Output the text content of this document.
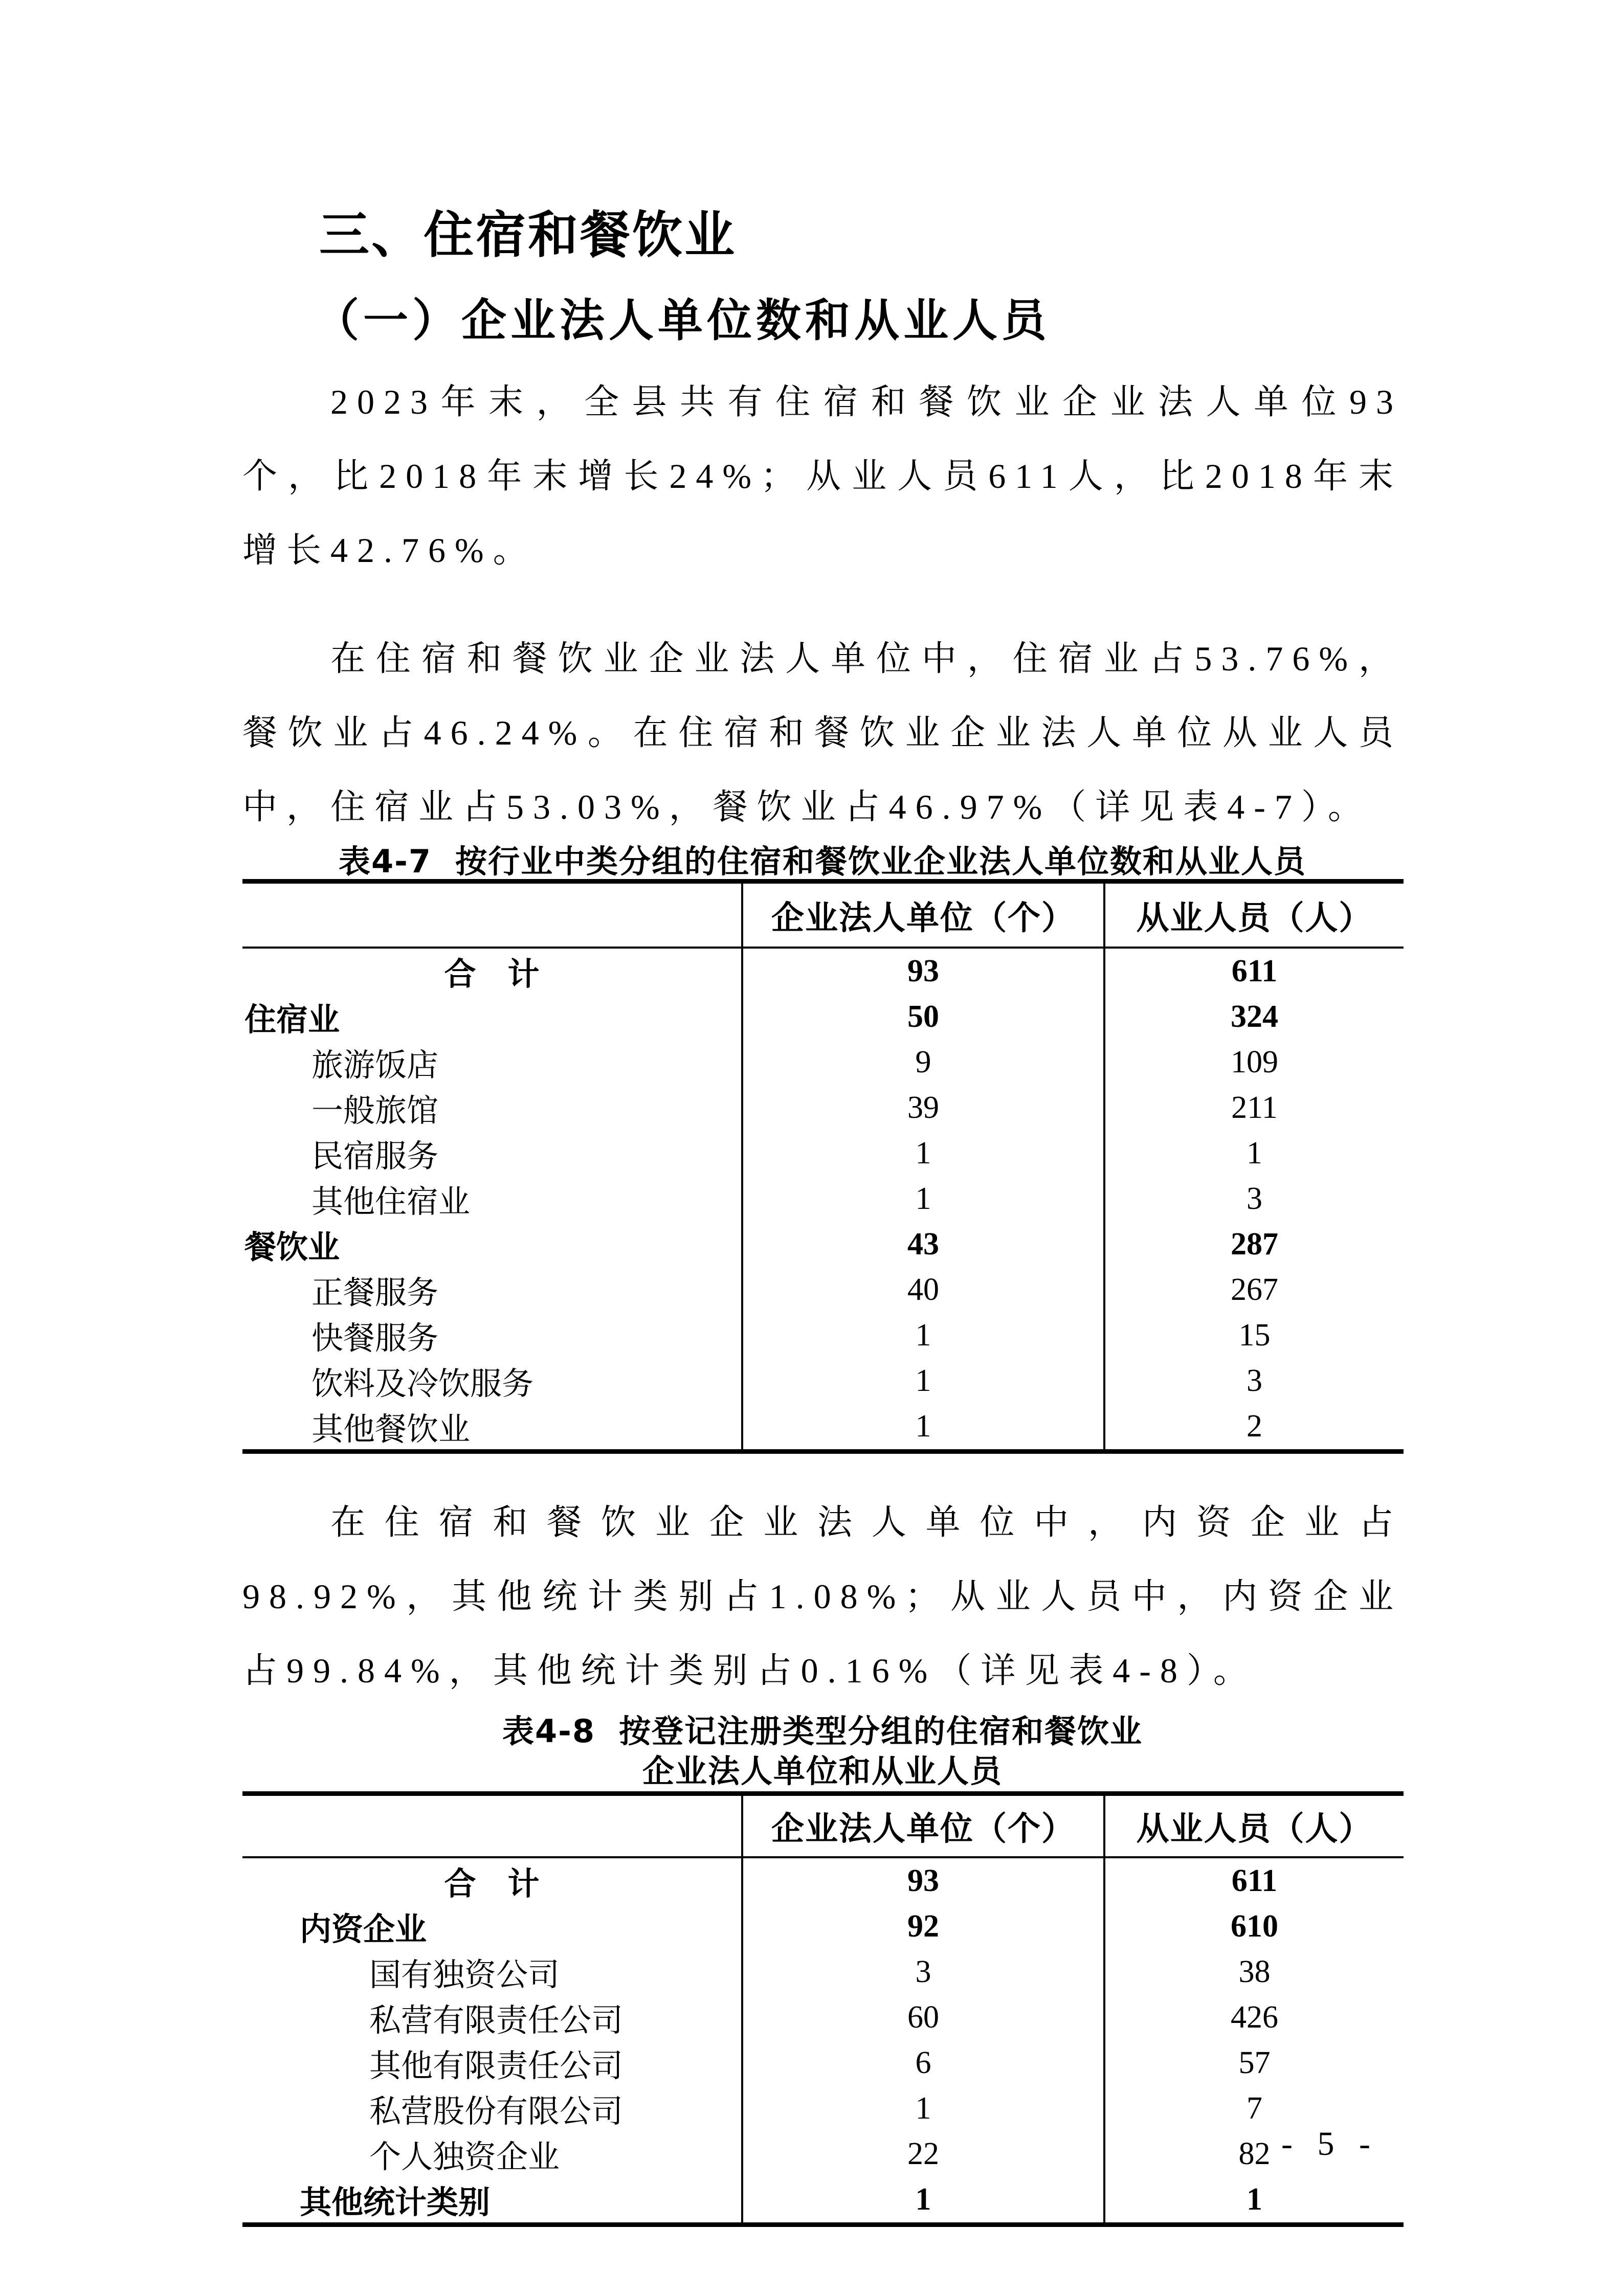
三、住宿和餐饮业
（一）企业法人单位数和从业人员

2023年末，全县共有住宿和餐饮业企业法人单位93个，比2018年末增长24%；从业人员611人，比2018年末增长42.76%。

在住宿和餐饮业企业法人单位中，住宿业占53.76%，餐饮业占46.24%。在住宿和餐饮业企业法人单位从业人员中，住宿业占53.03%，餐饮业占46.97%（详见表4-7）。

表4-7 按行业中类分组的住宿和餐饮业企业法人单位数和从业人员
	企业法人单位（个）	从业人员（人）
合　计	93	611
住宿业	50	324
旅游饭店	9	109
一般旅馆	39	211
民宿服务	1	1
其他住宿业	1	3
餐饮业	43	287
正餐服务	40	267
快餐服务	1	15
饮料及冷饮服务	1	3
其他餐饮业	1	2

在住宿和餐饮业企业法人单位中，内资企业占98.92%，其他统计类别占1.08%；从业人员中，内资企业占99.84%，其他统计类别占0.16%（详见表4-8）。

表4-8 按登记注册类型分组的住宿和餐饮业
企业法人单位和从业人员
	企业法人单位（个）	从业人员（人）
合　计	93	611
内资企业	92	610
国有独资公司	3	38
私营有限责任公司	60	426
其他有限责任公司	6	57
私营股份有限公司	1	7
个人独资企业	22	82
其他统计类别	1	1
- 5 -
